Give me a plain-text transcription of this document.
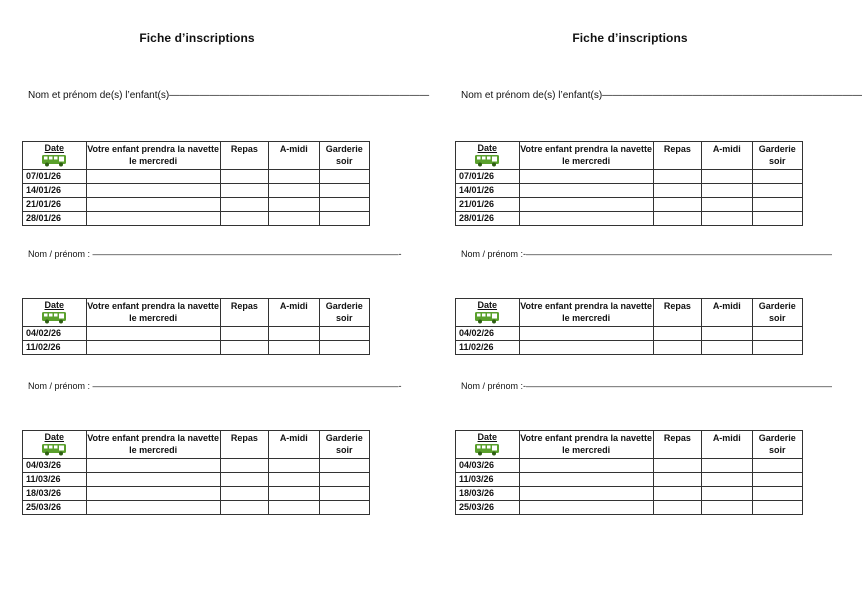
Fiche d’inscriptions
Nom et prénom de(s) l’enfant(s)——————————————————————————
Date	Votre enfant prendra la navette le mercredi	Repas	A-midi	Garderie soir
07/01/26				
14/01/26				
21/01/26				
28/01/26				
Nom / prénom : ——————————————————————————————————-
Date	Votre enfant prendra la navette le mercredi	Repas	A-midi	Garderie soir
04/02/26				
11/02/26				
Nom / prénom : ——————————————————————————————————-
Date	Votre enfant prendra la navette le mercredi	Repas	A-midi	Garderie soir
04/03/26				
11/03/26				
18/03/26				
25/03/26				
Fiche d’inscriptions
Nom et prénom de(s) l’enfant(s)——————————————————————————
Date	Votre enfant prendra la navette le mercredi	Repas	A-midi	Garderie soir
07/01/26				
14/01/26				
21/01/26				
28/01/26				
Nom / prénom :-——————————————————————————————————
Date	Votre enfant prendra la navette le mercredi	Repas	A-midi	Garderie soir
04/02/26				
11/02/26				
Nom / prénom :-——————————————————————————————————
Date	Votre enfant prendra la navette le mercredi	Repas	A-midi	Garderie soir
04/03/26				
11/03/26				
18/03/26				
25/03/26				
